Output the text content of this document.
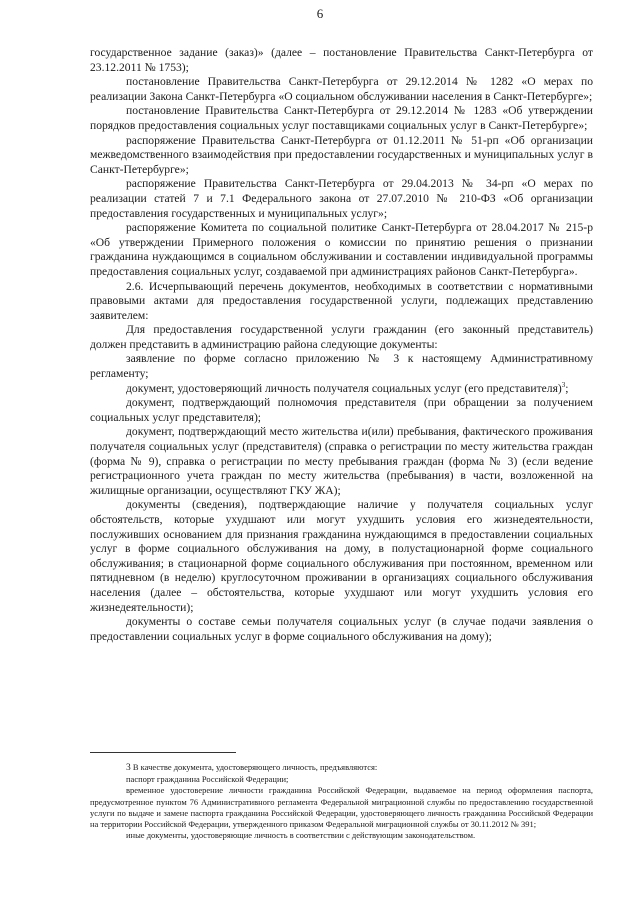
6

государственное задание (заказ)» (далее – постановление Правительства Санкт-Петербурга от 23.12.2011 № 1753);

постановление Правительства Санкт-Петербурга от 29.12.2014 № 1282 «О мерах по реализации Закона Санкт-Петербурга «О социальном обслуживании населения в Санкт-Петербурге»;

постановление Правительства Санкт-Петербурга от 29.12.2014 № 1283 «Об утверждении порядков предоставления социальных услуг поставщиками социальных услуг в Санкт-Петербурге»;

распоряжение Правительства Санкт-Петербурга от 01.12.2011 № 51-рп «Об организации межведомственного взаимодействия при предоставлении государственных и муниципальных услуг в Санкт-Петербурге»;

распоряжение Правительства Санкт-Петербурга от 29.04.2013 № 34-рп «О мерах по реализации статей 7 и 7.1 Федерального закона от 27.07.2010 № 210-ФЗ «Об организации предоставления государственных и муниципальных услуг»;

распоряжение Комитета по социальной политике Санкт-Петербурга от 28.04.2017 № 215-р «Об утверждении Примерного положения о комиссии по принятию решения о признании гражданина нуждающимся в социальном обслуживании и составлении индивидуальной программы предоставления социальных услуг, создаваемой при администрациях районов Санкт-Петербурга».

2.6. Исчерпывающий перечень документов, необходимых в соответствии с нормативными правовыми актами для предоставления государственной услуги, подлежащих представлению заявителем:

Для предоставления государственной услуги гражданин (его законный представитель) должен представить в администрацию района следующие документы:

заявление по форме согласно приложению № 3 к настоящему Административному регламенту;

документ, удостоверяющий личность получателя социальных услуг (его представителя)$^3$;

документ, подтверждающий полномочия представителя (при обращении за получением социальных услуг представителя);

документ, подтверждающий место жительства и(или) пребывания, фактического проживания получателя социальных услуг (представителя) (справка о регистрации по месту жительства граждан (форма № 9), справка о регистрации по месту пребывания граждан (форма № 3) (если ведение регистрационного учета граждан по месту жительства (пребывания) в части, возложенной на жилищные организации, осуществляют ГКУ ЖА);

документы (сведения), подтверждающие наличие у получателя социальных услуг обстоятельств, которые ухудшают или могут ухудшить условия его жизнедеятельности, послуживших основанием для признания гражданина нуждающимся в предоставлении социальных услуг в форме социального обслуживания на дому, в полустационарной форме социального обслуживания; в стационарной форме социального обслуживания при постоянном, временном или пятидневном (в неделю) круглосуточном проживании в организациях социального обслуживания населения (далее – обстоятельства, которые ухудшают или могут ухудшить условия его жизнедеятельности);

документы о составе семьи получателя социальных услуг (в случае подачи заявления о предоставлении социальных услуг в форме социального обслуживания на дому);

3 В качестве документа, удостоверяющего личность, предъявляются:

паспорт гражданина Российской Федерации;

временное удостоверение личности гражданина Российской Федерации, выдаваемое на период оформления паспорта, предусмотренное пунктом 76 Административного регламента Федеральной миграционной службы по предоставлению государственной услуги по выдаче и замене паспорта гражданина Российской Федерации, удостоверяющего личность гражданина Российской Федерации на территории Российской Федерации, утвержденного приказом Федеральной миграционной службы от 30.11.2012 № 391;

иные документы, удостоверяющие личность в соответствии с действующим законодательством.
